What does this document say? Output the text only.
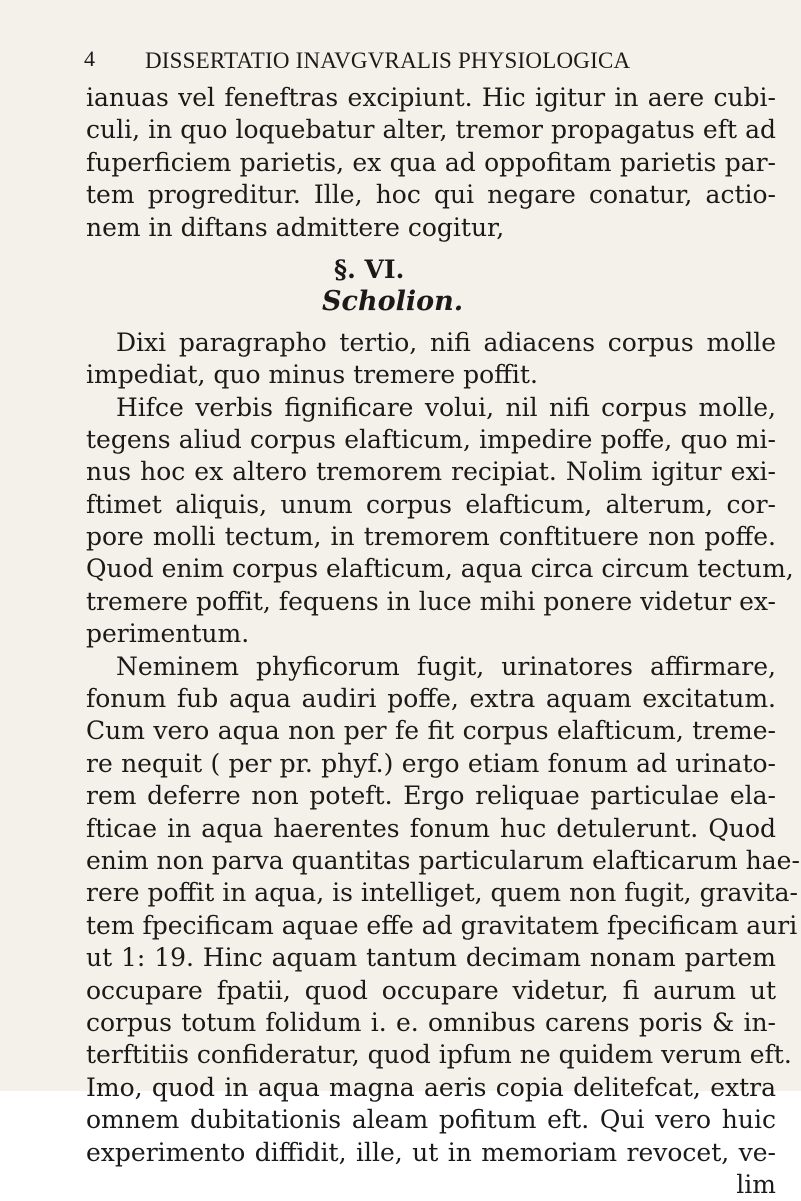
4 DISSERTATIO INAVGVRALIS PHYSIOLOGICA
ianuas vel feneftras excipiunt. Hic igitur in aere cubi-
culi, in quo loquebatur alter, tremor propagatus eft ad
fuperficiem parietis, ex qua ad oppofitam parietis par-
tem progreditur. Ille, hoc qui negare conatur, actio-
nem in diftans admittere cogitur,
§. VI.
Scholion.
Dixi paragrapho tertio, nifi adiacens corpus molle
impediat, quo minus tremere poffit.
Hifce verbis fignificare volui, nil nifi corpus molle,
tegens aliud corpus elafticum, impedire poffe, quo mi-
nus hoc ex altero tremorem recipiat. Nolim igitur exi-
ftimet aliquis, unum corpus elafticum, alterum, cor-
pore molli tectum, in tremorem conftituere non poffe.
Quod enim corpus elafticum, aqua circa circum tectum,
tremere poffit, fequens in luce mihi ponere videtur ex-
perimentum.
Neminem phyficorum fugit, urinatores affirmare,
fonum fub aqua audiri poffe, extra aquam excitatum.
Cum vero aqua non per fe fit corpus elafticum, treme-
re nequit ( per pr. phyf.) ergo etiam fonum ad urinato-
rem deferre non poteft. Ergo reliquae particulae ela-
fticae in aqua haerentes fonum huc detulerunt. Quod
enim non parva quantitas particularum elafticarum hae-
rere poffit in aqua, is intelliget, quem non fugit, gravita-
tem fpecificam aquae effe ad gravitatem fpecificam auri
ut 1: 19. Hinc aquam tantum decimam nonam partem
occupare fpatii, quod occupare videtur, fi aurum ut
corpus totum folidum i. e. omnibus carens poris & in-
terftitiis confideratur, quod ipfum ne quidem verum eft.
Imo, quod in aqua magna aeris copia delitefcat, extra
omnem dubitationis aleam pofitum eft. Qui vero huic
experimento diffidit, ille, ut in memoriam revocet, ve-
lim
